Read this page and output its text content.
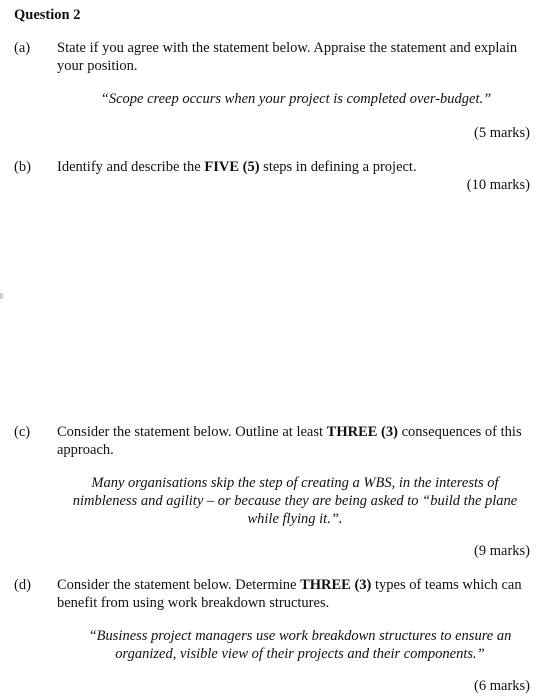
Question 2
(a)	State if you agree with the statement below. Appraise the statement and explain your position.
“Scope creep occurs when your project is completed over-budget.”
(5 marks)
(b)	Identify and describe the FIVE (5) steps in defining a project.
(10 marks)
(c)	Consider the statement below. Outline at least THREE (3) consequences of this approach.
Many organisations skip the step of creating a WBS, in the interests of nimbleness and agility – or because they are being asked to “build the plane while flying it.”.
(9 marks)
(d)	Consider the statement below. Determine THREE (3) types of teams which can benefit from using work breakdown structures.
“Business project managers use work breakdown structures to ensure an organized, visible view of their projects and their components.”
(6 marks)
